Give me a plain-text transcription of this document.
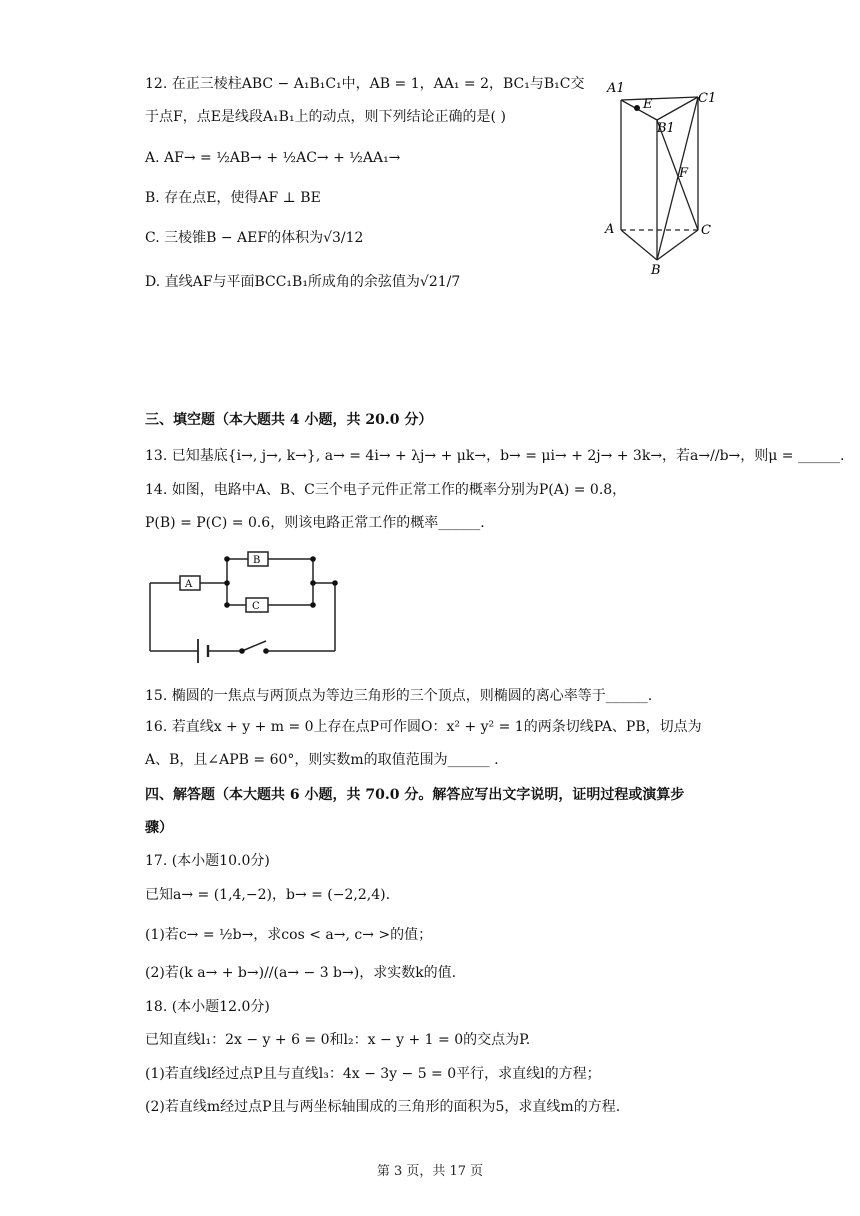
12. 在正三棱柱ABC − A₁B₁C₁中，AB = 1，AA₁ = 2，BC₁与B₁C交
于点F，点E是线段A₁B₁上的动点，则下列结论正确的是( )
A. AF→ = ½AB→ + ½AC→ + ½AA₁→
B. 存在点E，使得AF ⊥ BE
C. 三棱锥B − AEF的体积为√3/12
D. 直线AF与平面BCC₁B₁所成角的余弦值为√21/7
A1
E	C1
B1
F
A	C
B
三、填空题（本大题共 4 小题，共 20.0 分）
13. 已知基底{i→, j→, k→}, a→ = 4i→ + λj→ + μk→，b→ = μi→ + 2j→ + 3k→，若a→//b→，则μ = ______.
14. 如图，电路中A、B、C三个电子元件正常工作的概率分别为P(A) = 0.8，
P(B) = P(C) = 0.6，则该电路正常工作的概率______.
A
B
C
15. 椭圆的一焦点与两顶点为等边三角形的三个顶点，则椭圆的离心率等于______.
16. 若直线x + y + m = 0上存在点P可作圆O：x² + y² = 1的两条切线PA、PB，切点为
A、B，且∠APB = 60°，则实数m的取值范围为______ .
四、解答题（本大题共 6 小题，共 70.0 分。解答应写出文字说明，证明过程或演算步
骤）
17. (本小题10.0分)
已知a→ = (1,4,−2)，b→ = (−2,2,4).
(1)若c→ = ½b→，求cos < a→, c→ >的值；
(2)若(k a→ + b→)//(a→ − 3 b→)，求实数k的值.
18. (本小题12.0分)
已知直线l₁：2x − y + 6 = 0和l₂：x − y + 1 = 0的交点为P.
(1)若直线l经过点P且与直线l₃：4x − 3y − 5 = 0平行，求直线l的方程；
(2)若直线m经过点P且与两坐标轴围成的三角形的面积为5，求直线m的方程.
第 3 页，共 17 页
